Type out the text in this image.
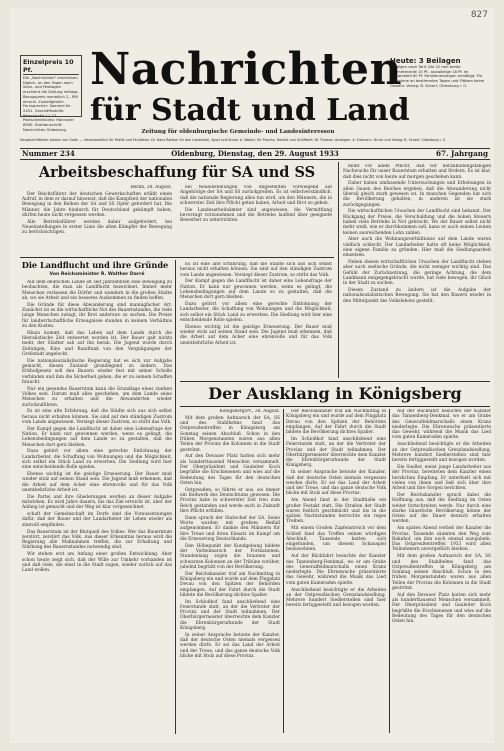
827
Einzelpreis 10 Pf.
Die „Nachrichten" erscheinen täglich, an den Tagen nach Sonn- und Festtagen erscheint die Zeitung mittags. Bezugspreis monatlich 2,- RM einschl. Zustellgebühr. Fernsprecher: Sammel-Nr. 2451. Geschäftsstelle: Peterstraße 11-13. Postscheckkonto: Hannover 8900. Drahtanschrift: Nachrichten Oldenburg.
Heute: 3 Beilagen
Anzeigen nach Tarif. Die 22 mm breite Millimeterzeile 15 Pf., auswärtige 18 Pf. Im Reklameteil 60 Pf. Familienanzeigen ermäßigt. Für Aufnahme an bestimmten Tagen und Plätzen keine Gewähr. Verlag: B. Scharf, Oldenburg i. O.
Nachrichten
für Stadt und Land
Zeitung für oldenburgische Gemeinde- und Landesinteressen
Hauptschriftleiter Johann von Galle. — Verantwortlich für Politik und Feuilleton: Dr. Hans Ratzke; für den Landesteil, Sport und Kunst: A. Wolter; für Provinz, Handel und Schiffahrt: W. Thomas; Anzeigen: A. Erdmann. Druck und Verlag: B. Scharf, Oldenburg i. O.
Nummer 234	Oldenburg, Dienstag, den 29. August 1933	67. Jahrgang
Arbeitsbeschaffung für SA und SS

Berlin, 28. August.

Der Reichsführer der deutschen Gewerkschaften erläßt einen Aufruf, in dem er darauf hinweist, daß die Kampfzeit der nationalen Bewegung in den Reihen der SA und SS Opfer gefordert hat. Die Männer, die Jahre hindurch für Deutschland gekämpft haben, dürfen heute nicht vergessen werden.

Alle Betriebsführer werden daher aufgefordert, bei Neueinstellungen in erster Linie die alten Kämpfer der Bewegung zu berücksichtigen.

bei Neueinstellungen von Angestellten vorwiegend auf Angehörige der SA und SS zurückgreifen. Es ist selbstverständlich, daß die nationale Regierung alles tun wird, um den Männern, die in schwerster Zeit ihre Pflicht getan haben, Arbeit und Brot zu geben.

Die Landesarbeitsämter sind angewiesen, die Vermittlung bevorzugt vorzunehmen und die Betriebe laufend über geeignete Bewerber zu unterrichten.

Die Landflucht und ihre Gründe
Von Reichsminister R. Walther Darré

Auf dem deutschen Lande ist seit Jahrzehnten eine Bewegung zu beobachten, die man als Landflucht bezeichnet. Immer mehr Menschen verlassen die Dörfer und wandern in die großen Städte ab, wo sie Arbeit und ein besseres Auskommen zu finden hoffen.

Die Gründe für diese Abwanderung sind mannigfacher Art. Zunächst ist es die wirtschaftliche Not des Bauernstandes, die viele junge Menschen zwingt, ihr Brot anderswo zu suchen. Die Preise für landwirtschaftliche Erzeugnisse standen in keinem Verhältnis zu den Kosten.

Hinzu kommt, daß das Leben auf dem Lande durch die liberalistische Zeit entwertet worden ist. Der Bauer galt nichts mehr, der Städter sah auf ihn herab. Die Jugend wurde durch Zeitungen, Kino und Rundfunk von den Vergnügungen der Großstadt angelockt.

Die nationalsozialistische Regierung hat es sich zur Aufgabe gemacht, diesen Zustand grundlegend zu ändern. Das Erbhofgesetz soll den Bauern wieder fest mit seiner Scholle verbinden und ihm die Sicherheit geben, die er zu seinem Schaffen braucht.

Nur ein gesundes Bauerntum kann die Grundlage eines starken Volkes sein. Darum muß alles geschehen, um dem Lande seine Menschen zu erhalten und die Abwanderten wieder zurückzuführen.

Es ist eine alte Erfahrung, daß die Städte sich aus sich selbst heraus nicht erhalten können. Sie sind auf den ständigen Zustrom vom Lande angewiesen. Versiegt dieser Zustrom, so stirbt das Volk.

Der Kampf gegen die Landflucht ist daher eine Lebensfrage der Nation. Er kann nur gewonnen werden, wenn es gelingt, die Lebensbedingungen auf dem Lande so zu gestalten, daß die Menschen dort gern bleiben.

Dazu gehört vor allem eine gerechte Entlohnung der Landarbeiter, die Schaffung von Wohnungen und die Möglichkeit, sich selbst ein Stück Land zu erwerben. Die Siedlung wird hier eine entscheidende Rolle spielen.

Ebenso wichtig ist die geistige Erneuerung. Der Bauer muß wieder stolz auf seinen Stand sein. Die Jugend muß erkennen, daß die Arbeit auf dem Acker eine ehrenvolle und für das Volk unentbehrliche Arbeit ist.

Die Partei und ihre Gliederungen werden an dieser Aufgabe mitwirken. Es wird Jahre dauern, bis das Ziel erreicht ist, aber der Anfang ist gemacht und der Weg ist klar vorgezeichnet.

schaft der Gemeinschaft im Dorfe sind die Voraussetzungen dafür, daß der Bauer und der Landarbeiter ihr Leben wieder als sinnvoll empfinden.

Das Bauerntum ist der Blutquell des Volkes. Wer das Bauerntum zerstört, zerstört das Volk. Aus dieser Erkenntnis heraus wird die Regierung alle Maßnahmen treffen, die zur Erhaltung und Stärkung des Bauernstandes notwendig sind.

Wir stehen erst am Anfang einer großen Entwicklung. Aber schon heute zeigt sich, daß der Wille zur Umkehr vorhanden ist und daß viele, die einst in die Stadt zogen, wieder zurück auf das Land wollen.

Es ist eine alte Erfahrung, daß die Städte sich aus sich selbst heraus nicht erhalten können. Sie sind auf den ständigen Zustrom vom Lande angewiesen. Versiegt dieser Zustrom, so stirbt das Volk.

Der Kampf gegen die Landflucht ist daher eine Lebensfrage der Nation. Er kann nur gewonnen werden, wenn es gelingt, die Lebensbedingungen auf dem Lande so zu gestalten, daß die Menschen dort gern bleiben.

Dazu gehört vor allem eine gerechte Entlohnung der Landarbeiter, die Schaffung von Wohnungen und die Möglichkeit, sich selbst ein Stück Land zu erwerben. Die Siedlung wird hier eine entscheidende Rolle spielen.

Ebenso wichtig ist die geistige Erneuerung. Der Bauer muß wieder stolz auf seinen Stand sein. Die Jugend muß erkennen, daß die Arbeit auf dem Acker eine ehrenvolle und für das Volk unentbehrliche Arbeit ist.

müßt vor allem Pflicht, daß wir heranbildungsfähigen Nachwuchs für unser Bauerntum erhalten und fördern. Es ist klar, daß dies nicht von heute auf morgen geschehen kann.

Daher haben umfassende Untersuchungen und Erhebungen in allen Gauen des Reiches ergeben, daß die Abwanderung nicht überall gleich stark gewesen ist. In manchen Gegenden hat sich die Bevölkerung gehalten, in anderen ist sie stark zurückgegangen.

Die wirtschaftlichen Ursachen der Landflucht sind bekannt. Der Rückgang der Preise, die Verschuldung und die hohen Steuern haben viele Betriebe in Not gebracht. Wo der Bauer selbst nicht mehr weiß, wie er durchkommen soll, kann er auch seinen Leuten keinen ausreichenden Lohn zahlen.

Aber auch die Wohnungsverhältnisse auf dem Lande waren vielfach schlecht. Der Landarbeiter hatte oft keine Möglichkeit, eine eigene Familie zu gründen. Hier muß die Siedlungsarbeit einsetzen.

Neben diesen wirtschaftlichen Ursachen der Landflucht stehen aber auch seelische Gründe, die nicht weniger wichtig sind. Das Gefühl der Zurücksetzung, die geringe Achtung, die dem Landmann entgegengebracht wurde, hat viele bewogen, ihr Glück in der Stadt zu suchen.

Diesen Zustand zu ändern ist die Aufgabe der nationalsozialistischen Bewegung. Sie hat den Bauern wieder in den Mittelpunkt des Volkslebens gestellt.

Der Ausklang in Königsberg

Königsberg/Pr., 28. August.

Mit dem großen Aufmarsch der SA, SS und des Stahlhelms fand das Ostpreußentreffen in Königsberg am Sonntag seinen Abschluß. Schon in den frühen Morgenstunden waren aus allen Teilen der Provinz die Kolonnen in die Stadt geströmt.

Auf den Devauer Platz hatten sich mehr als hunderttausend Menschen versammelt. Der Oberpräsident und Gauleiter Koch begrüßte die Erschienenen und wies auf die Bedeutung des Tages für den deutschen Osten hin.

Ostpreußen, so führte er aus, sei immer ein Bollwerk des Deutschtums gewesen. Die Provinz habe in schwerster Zeit treu zum Reich gestanden und werde auch in Zukunft ihre Pflicht erfüllen.

Dann sprach der Stabschef der SA. Seine Worte wurden mit großem Beifall aufgenommen. Er dankte den Männern für ihre Treue und ihren Einsatz im Kampf um die Erneuerung Deutschlands.

Den Höhepunkt der Kundgebung bildete der Vorbeimarsch der Formationen. Stundenlang zogen die braunen und schwarzen Kolonnen an der Tribüne vorüber, jubelnd begrüßt von der Bevölkerung.

Der Reichskanzler traf am Nachmittag in Königsberg ein und wurde auf dem Flugplatz Devau von den Spitzen der Behörden empfangen. Auf der Fahrt durch die Stadt bildete die Bevölkerung dichtes Spalier.

Im Schloßhof fand anschließend eine Feierstunde statt, an der die Vertreter der Provinz und der Stadt teilnahmen. Der Oberbürgermeister überreichte dem Kanzler die Ehrenbürgerurkunde der Stadt Königsberg.

In seiner Ansprache betonte der Kanzler, daß der deutsche Osten niemals vergessen werden dürfe. Er sei das Land der Arbeit und der Treue, und das ganze deutsche Volk blicke mit Stolz auf diese Provinz.

Der Reichskanzler traf am Nachmittag in Königsberg ein und wurde auf dem Flugplatz Devau von den Spitzen der Behörden empfangen. Auf der Fahrt durch die Stadt bildete die Bevölkerung dichtes Spalier.

Im Schloßhof fand anschließend eine Feierstunde statt, an der die Vertreter der Provinz und der Stadt teilnahmen. Der Oberbürgermeister überreichte dem Kanzler die Ehrenbürgerurkunde der Stadt Königsberg.

In seiner Ansprache betonte der Kanzler, daß der deutsche Osten niemals vergessen werden dürfe. Er sei das Land der Arbeit und der Treue, und das ganze deutsche Volk blicke mit Stolz auf diese Provinz.

Am Abend fand in der Stadthalle ein großer Festakt statt. Die Straßen der Stadt waren festlich geschmückt und bis in die späten Nachtstunden herrschte ein reges Treiben.

Mit einem Großen Zapfenstreich vor dem Schloß fand das Treffen seinen würdigen Abschluß. Tausende hatten sich eingefunden, um diesem Schauspiel beizuwohnen.

Auf der Rückfahrt besuchte der Kanzler das Tannenberg-Denkmal, wo er am Grabe des Generalfeldmarschalls einen Kranz niederlegte. Die Ehrenwache präsentierte das Gewehr, während die Musik das Lied vom guten Kameraden spielte.

Anschließend besichtigte er die Arbeiten an der Ostpreußischen Grenzlandsiedlung. Mehrere hundert Siedlerstellen sind hier bereits fertiggestellt und bezogen worden.

Auf der Rückfahrt besuchte der Kanzler das Tannenberg-Denkmal, wo er am Grabe des Generalfeldmarschalls einen Kranz niederlegte. Die Ehrenwache präsentierte das Gewehr, während die Musik das Lied vom guten Kameraden spielte.

Anschließend besichtigte er die Arbeiten an der Ostpreußischen Grenzlandsiedlung. Mehrere hundert Siedlerstellen sind hier bereits fertiggestellt und bezogen worden.

Die Siedler, meist junge Landarbeiter aus der Provinz, bereiteten dem Kanzler einen herzlichen Empfang. Er unterhielt sich mit vielen von ihnen und ließ sich über ihre Arbeit und ihre Sorgen berichten.

Der Reichskanzler sprach dabei die Hoffnung aus, daß die Siedlung im Osten weiter fortschreiten werde. Nur durch eine starke bäuerliche Bevölkerung könne der Osten auf die Dauer deutsch erhalten werden.

Am späten Abend verließ der Kanzler die Provinz. Tausende säumten den Weg zum Bahnhof, um ihm noch einmal zuzujubeln. Das Ostpreußentreffen 1933 wird allen Teilnehmern unvergeßlich bleiben.

Mit dem großen Aufmarsch der SA, SS und des Stahlhelms fand das Ostpreußentreffen in Königsberg am Sonntag seinen Abschluß. Schon in den frühen Morgenstunden waren aus allen Teilen der Provinz die Kolonnen in die Stadt geströmt.

Auf den Devauer Platz hatten sich mehr als hunderttausend Menschen versammelt. Der Oberpräsident und Gauleiter Koch begrüßte die Erschienenen und wies auf die Bedeutung des Tages für den deutschen Osten hin.
